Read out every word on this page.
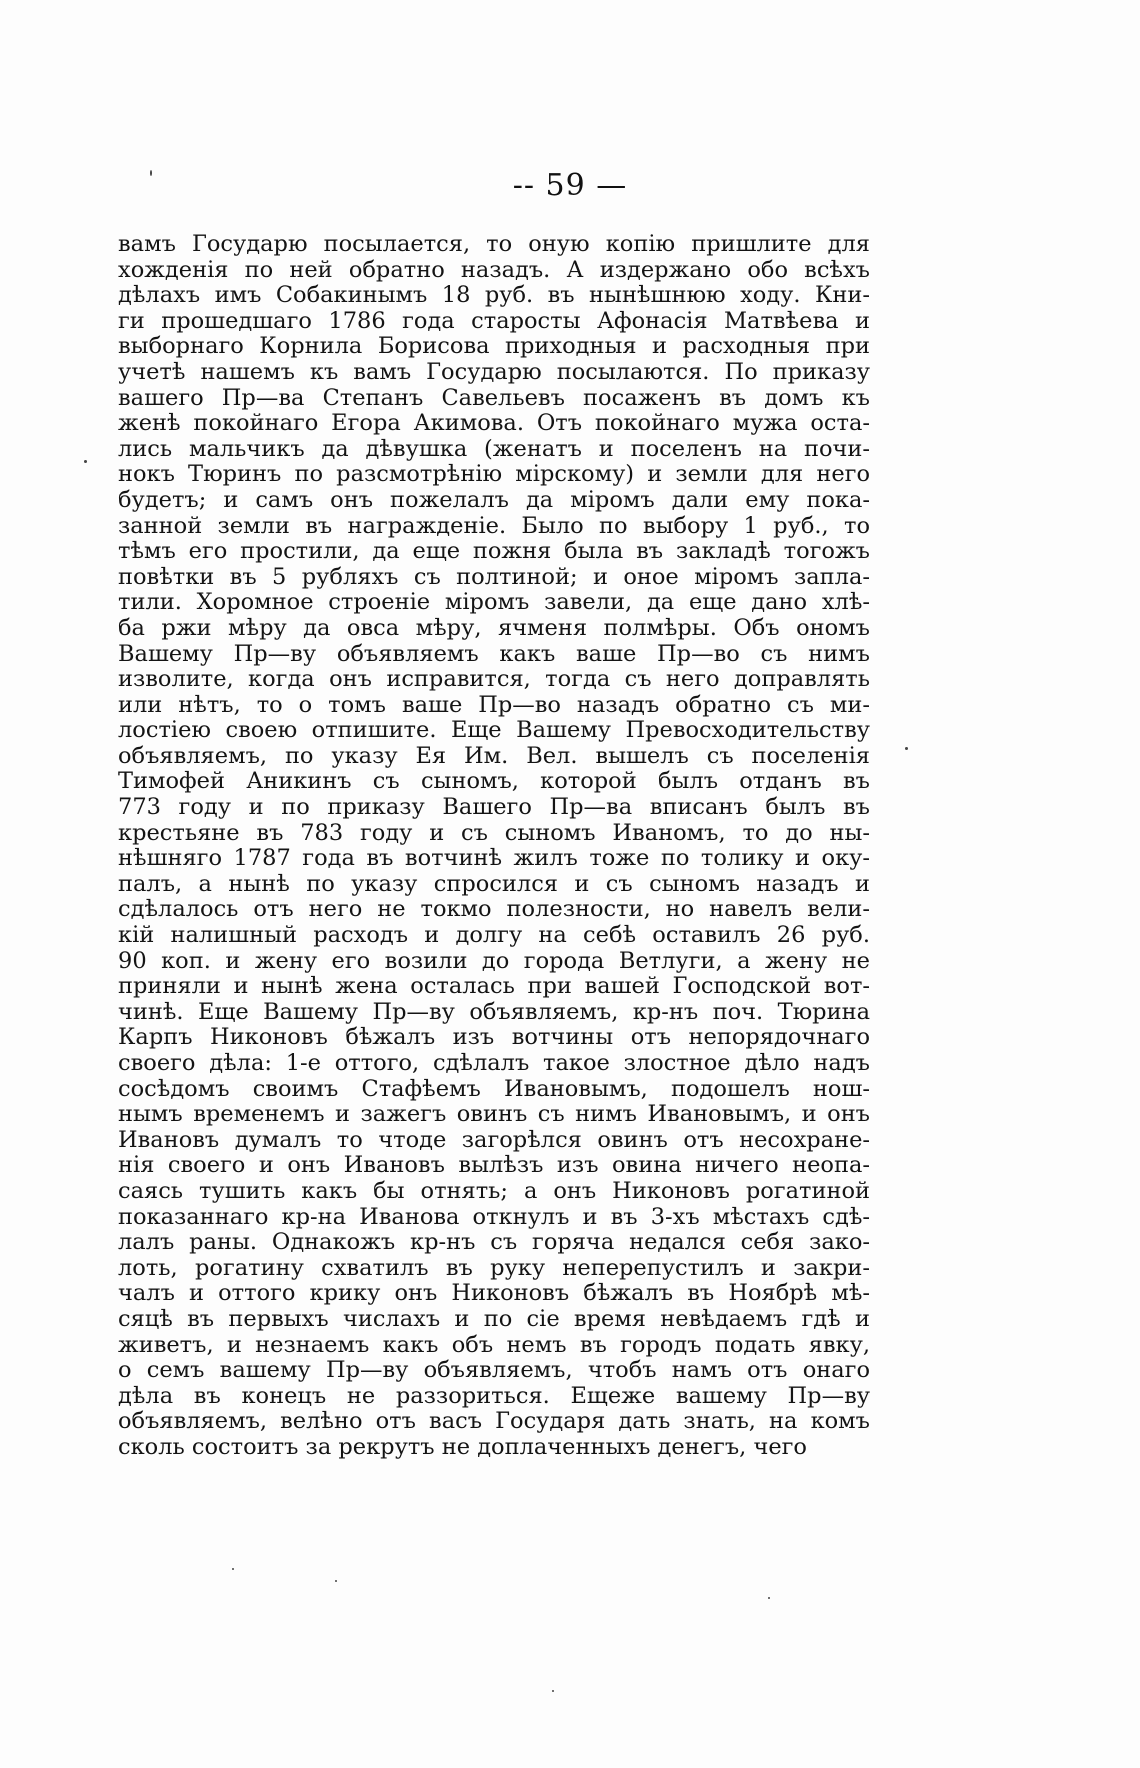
-- 59 —
вамъ Государю посылается, то оную копію пришлите для
хожденія по ней обратно назадъ. А издержано обо всѣхъ
дѣлахъ имъ Собакинымъ 18 руб. въ нынѣшнюю ходу. Кни-
ги прошедшаго 1786 года старосты Афонасія Матвѣева и
выборнаго Корнила Борисова приходныя и расходныя при
учетѣ нашемъ къ вамъ Государю посылаются. По приказу
вашего Пр—ва Степанъ Савельевъ посаженъ въ домъ къ
женѣ покойнаго Егора Акимова. Отъ покойнаго мужа оста-
лись мальчикъ да дѣвушка (женатъ и поселенъ на почи-
нокъ Тюринъ по разсмотрѣнію мірскому) и земли для него
будетъ; и самъ онъ пожелалъ да міромъ дали ему пока-
занной земли въ награжденіе. Было по выбору 1 руб., то
тѣмъ его простили, да еще пожня была въ закладѣ тогожъ
повѣтки въ 5 рубляхъ съ полтиной; и оное міромъ запла-
тили. Хоромное строеніе міромъ завели, да еще дано хлѣ-
ба ржи мѣру да овса мѣру, ячменя полмѣры. Объ ономъ
Вашему Пр—ву объявляемъ какъ ваше Пр—во съ нимъ
изволите, когда онъ исправится, тогда съ него доправлять
или нѣтъ, то о томъ ваше Пр—во назадъ обратно съ ми-
лостіею своею отпишите. Еще Вашему Превосходительству
объявляемъ, по указу Ея Им. Вел. вышелъ съ поселенія
Тимофей Аникинъ съ сыномъ, которой былъ отданъ въ
773 году и по приказу Вашего Пр—ва вписанъ былъ въ
крестьяне въ 783 году и съ сыномъ Иваномъ, то до ны-
нѣшняго 1787 года въ вотчинѣ жилъ тоже по толику и оку-
палъ, а нынѣ по указу спросился и съ сыномъ назадъ и
сдѣлалось отъ него не токмо полезности, но навелъ вели-
кій налишный расходъ и долгу на себѣ оставилъ 26 руб.
90 коп. и жену его возили до города Ветлуги, а жену не
приняли и нынѣ жена осталась при вашей Господской вот-
чинѣ. Еще Вашему Пр—ву объявляемъ, кр-нъ поч. Тюрина
Карпъ Никоновъ бѣжалъ изъ вотчины отъ непорядочнаго
своего дѣла: 1-е оттого, сдѣлалъ такое злостное дѣло надъ
сосѣдомъ своимъ Стафѣемъ Ивановымъ, подошелъ нош-
нымъ временемъ и зажегъ овинъ съ нимъ Ивановымъ, и онъ
Ивановъ думалъ то чтоде загорѣлся овинъ отъ несохране-
нія своего и онъ Ивановъ вылѣзъ изъ овина ничего неопа-
саясь тушить какъ бы отнять; а онъ Никоновъ рогатиной
показаннаго кр-на Иванова откнулъ и въ 3-хъ мѣстахъ сдѣ-
лалъ раны. Однакожъ кр-нъ съ горяча недался себя зако-
лоть, рогатину схватилъ въ руку неперепустилъ и закри-
чалъ и оттого крику онъ Никоновъ бѣжалъ въ Ноябрѣ мѣ-
сяцѣ въ первыхъ числахъ и по сіе время невѣдаемъ гдѣ и
живетъ, и незнаемъ какъ объ немъ въ городъ подать явку,
о семъ вашему Пр—ву объявляемъ, чтобъ намъ отъ онаго
дѣла въ конецъ не раззориться. Ещеже вашему Пр—ву
объявляемъ, велѣно отъ васъ Государя дать знать, на комъ
сколь состоитъ за рекрутъ не доплаченныхъ денегъ, чего
